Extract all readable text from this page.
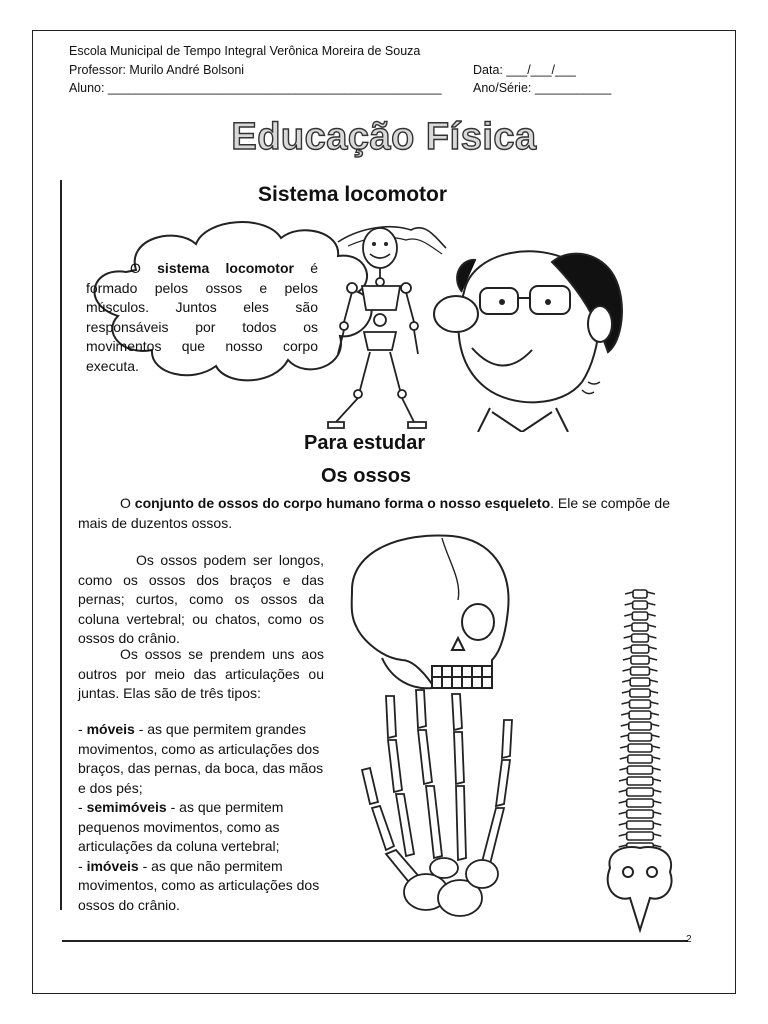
Escola Municipal de Tempo Integral Verônica Moreira de Souza
Professor: Murilo André Bolsoni	Data: ___/___/___
Aluno: ________________________________________________	Ano/Série: ___________
Educação Física
Sistema locomotor
O sistema locomotor é formado pelos ossos e pelos músculos. Juntos eles são responsáveis por todos os movimentos que nosso corpo executa.
Para estudar
Os ossos
O conjunto de ossos do corpo humano forma o nosso esqueleto. Ele se compõe de mais de duzentos ossos.
Os ossos podem ser longos, como os ossos dos braços e das pernas; curtos, como os ossos da coluna vertebral; ou chatos, como os ossos do crânio.
Os ossos se prendem uns aos outros por meio das articulações ou juntas. Elas são de três tipos:
- móveis - as que permitem grandes movimentos, como as articulações dos braços, das pernas, da boca, das mãos e dos pés;
- semimóveis - as que permitem pequenos movimentos, como as articulações da coluna vertebral;
- imóveis - as que não permitem movimentos, como as articulações dos ossos do crânio.
2
